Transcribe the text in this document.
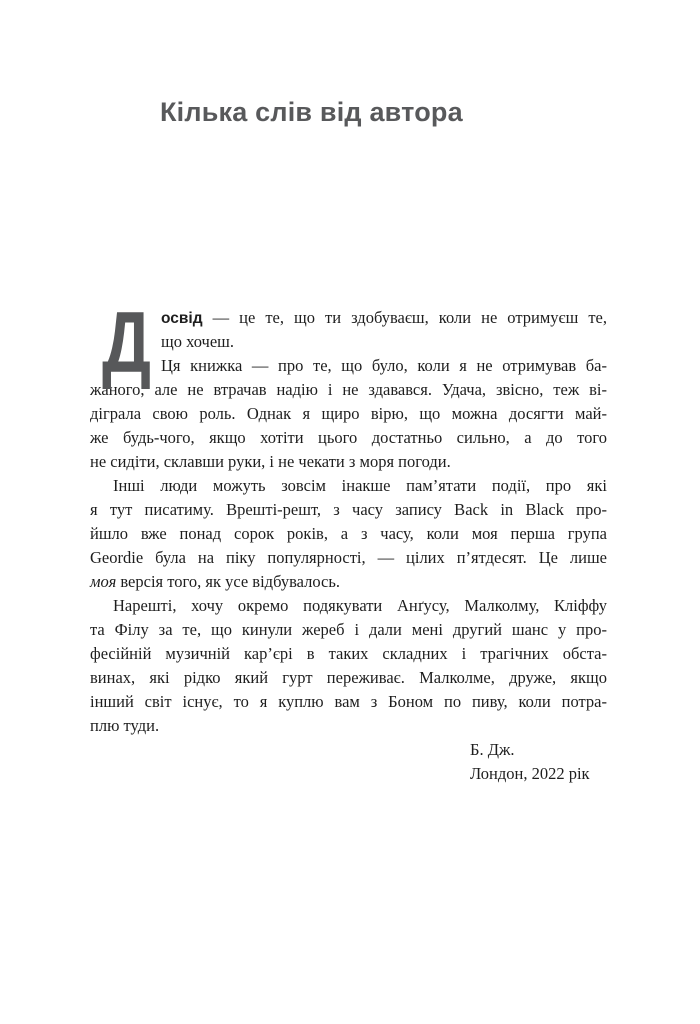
Кілька слів від автора
Д освід — це те, що ти здобуваєш, коли не отримуєш те,
що хочеш.
Ця книжка — про те, що було, коли я не отримував ба-
жаного, але не втрачав надію і не здавався. Удача, звісно, теж ві-
діграла свою роль. Однак я щиро вірю, що можна досягти май-
же будь-чого, якщо хотіти цього достатньо сильно, а до того
не сидіти, склавши руки, і не чекати з моря погоди.
Інші люди можуть зовсім інакше пам’ятати події, про які
я тут писатиму. Врешті-решт, з часу запису Back in Black про-
йшло вже понад сорок років, а з часу, коли моя перша група
Geordie була на піку популярності, — цілих п’ятдесят. Це лише
моя версія того, як усе відбувалось.
Нарешті, хочу окремо подякувати Анґусу, Малколму, Кліффу
та Філу за те, що кинули жереб і дали мені другий шанс у про-
фесійній музичній кар’єрі в таких складних і трагічних обста-
винах, які рідко який гурт переживає. Малколме, друже, якщо
інший світ існує, то я куплю вам з Боном по пиву, коли потра-
плю туди.
Б. Дж.
Лондон, 2022 рік
